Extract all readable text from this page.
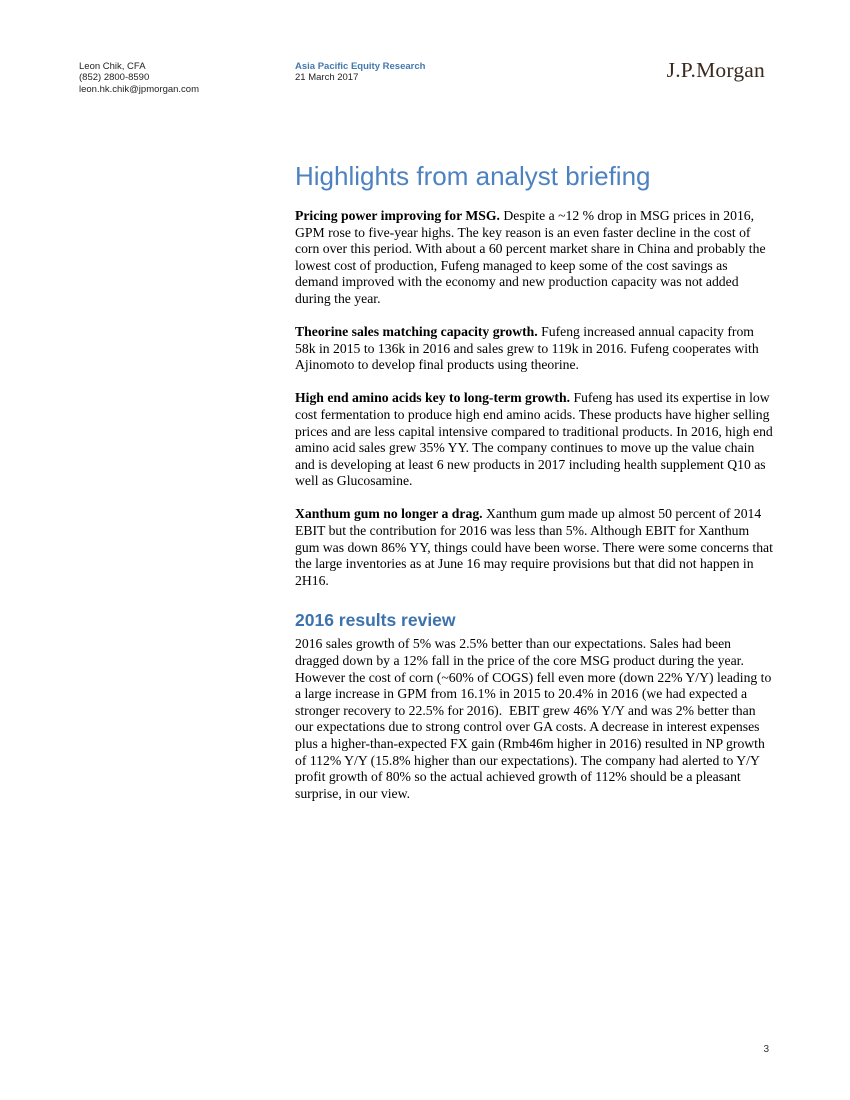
Leon Chik, CFA
(852) 2800-8590
leon.hk.chik@jpmorgan.com
Asia Pacific Equity Research
21 March 2017	J.P.Morgan
Highlights from analyst briefing

Pricing power improving for MSG. Despite a ~12 % drop in MSG prices in 2016, GPM rose to five-year highs. The key reason is an even faster decline in the cost of corn over this period. With about a 60 percent market share in China and probably the lowest cost of production, Fufeng managed to keep some of the cost savings as demand improved with the economy and new production capacity was not added during the year.

Theorine sales matching capacity growth. Fufeng increased annual capacity from 58k in 2015 to 136k in 2016 and sales grew to 119k in 2016. Fufeng cooperates with Ajinomoto to develop final products using theorine.

High end amino acids key to long-term growth. Fufeng has used its expertise in low cost fermentation to produce high end amino acids. These products have higher selling prices and are less capital intensive compared to traditional products. In 2016, high end amino acid sales grew 35% YY. The company continues to move up the value chain and is developing at least 6 new products in 2017 including health supplement Q10 as well as Glucosamine.

Xanthum gum no longer a drag. Xanthum gum made up almost 50 percent of 2014 EBIT but the contribution for 2016 was less than 5%. Although EBIT for Xanthum gum was down 86% YY, things could have been worse. There were some concerns that the large inventories as at June 16 may require provisions but that did not happen in 2H16.

2016 results review

2016 sales growth of 5% was 2.5% better than our expectations. Sales had been dragged down by a 12% fall in the price of the core MSG product during the year. However the cost of corn (~60% of COGS) fell even more (down 22% Y/Y) leading to a large increase in GPM from 16.1% in 2015 to 20.4% in 2016 (we had expected a stronger recovery to 22.5% for 2016).  EBIT grew 46% Y/Y and was 2% better than our expectations due to strong control over GA costs. A decrease in interest expenses plus a higher-than-expected FX gain (Rmb46m higher in 2016) resulted in NP growth of 112% Y/Y (15.8% higher than our expectations). The company had alerted to Y/Y profit growth of 80% so the actual achieved growth of 112% should be a pleasant surprise, in our view.

3
